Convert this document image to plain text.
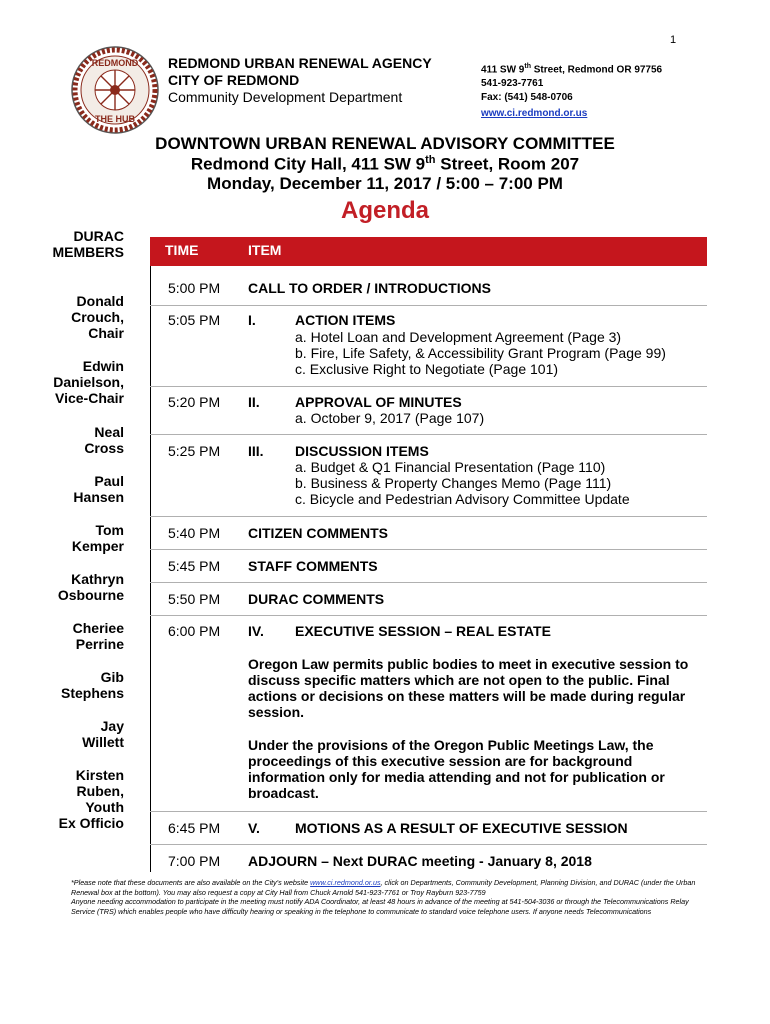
1
REDMOND
THE HUB
REDMOND URBAN RENEWAL AGENCY
CITY OF REDMOND
Community Development Department
411 SW 9th Street, Redmond OR 97756
541-923-7761
Fax: (541) 548-0706
www.ci.redmond.or.us
DOWNTOWN URBAN RENEWAL ADVISORY COMMITTEE
Redmond City Hall, 411 SW 9th Street, Room 207
Monday, December 11, 2017 / 5:00 – 7:00 PM
Agenda
DURAC
MEMBERS
Donald
Crouch,
Chair
Edwin
Danielson,
Vice-Chair
Neal
Cross
Paul
Hansen
Tom
Kemper
Kathryn
Osbourne
Cheriee
Perrine
Gib
Stephens
Jay
Willett
Kirsten
Ruben,
Youth
Ex Officio
TIME	ITEM
5:00 PM CALL TO ORDER / INTRODUCTIONS
5:05 PM I.	ACTION ITEMS
a. Hotel Loan and Development Agreement (Page 3)
b. Fire, Life Safety, & Accessibility Grant Program (Page 99)
c. Exclusive Right to Negotiate (Page 101)
5:20 PM II.	APPROVAL OF MINUTES
a. October 9, 2017 (Page 107)
5:25 PM III. DISCUSSION ITEMS
a. Budget & Q1 Financial Presentation (Page 110)
b. Business & Property Changes Memo (Page 111)
c. Bicycle and Pedestrian Advisory Committee Update
5:40 PM CITIZEN COMMENTS
5:45 PM STAFF COMMENTS
5:50 PM DURAC COMMENTS
6:00 PM IV. EXECUTIVE SESSION – REAL ESTATE
Oregon Law permits public bodies to meet in executive session to discuss specific matters which are not open to the public. Final actions or decisions on these matters will be made during regular session.
Under the provisions of the Oregon Public Meetings Law, the proceedings of this executive session are for background information only for media attending and not for publication or broadcast.
6:45 PM V.	MOTIONS AS A RESULT OF EXECUTIVE SESSION
7:00 PM ADJOURN – Next DURAC meeting - January 8, 2018
*Please note that these documents are also available on the City's website www.ci.redmond.or.us, click on Departments, Community Development, Planning Division, and DURAC (under the Urban Renewal box at the bottom). You may also request a copy at City Hall from Chuck Arnold 541-923-7761 or Troy Rayburn 923-7759
Anyone needing accommodation to participate in the meeting must notify ADA Coordinator, at least 48 hours in advance of the meeting at 541-504-3036 or through the Telecommunications Relay Service (TRS) which enables people who have difficulty hearing or speaking in the telephone to communicate to standard voice telephone users. If anyone needs Telecommunications
